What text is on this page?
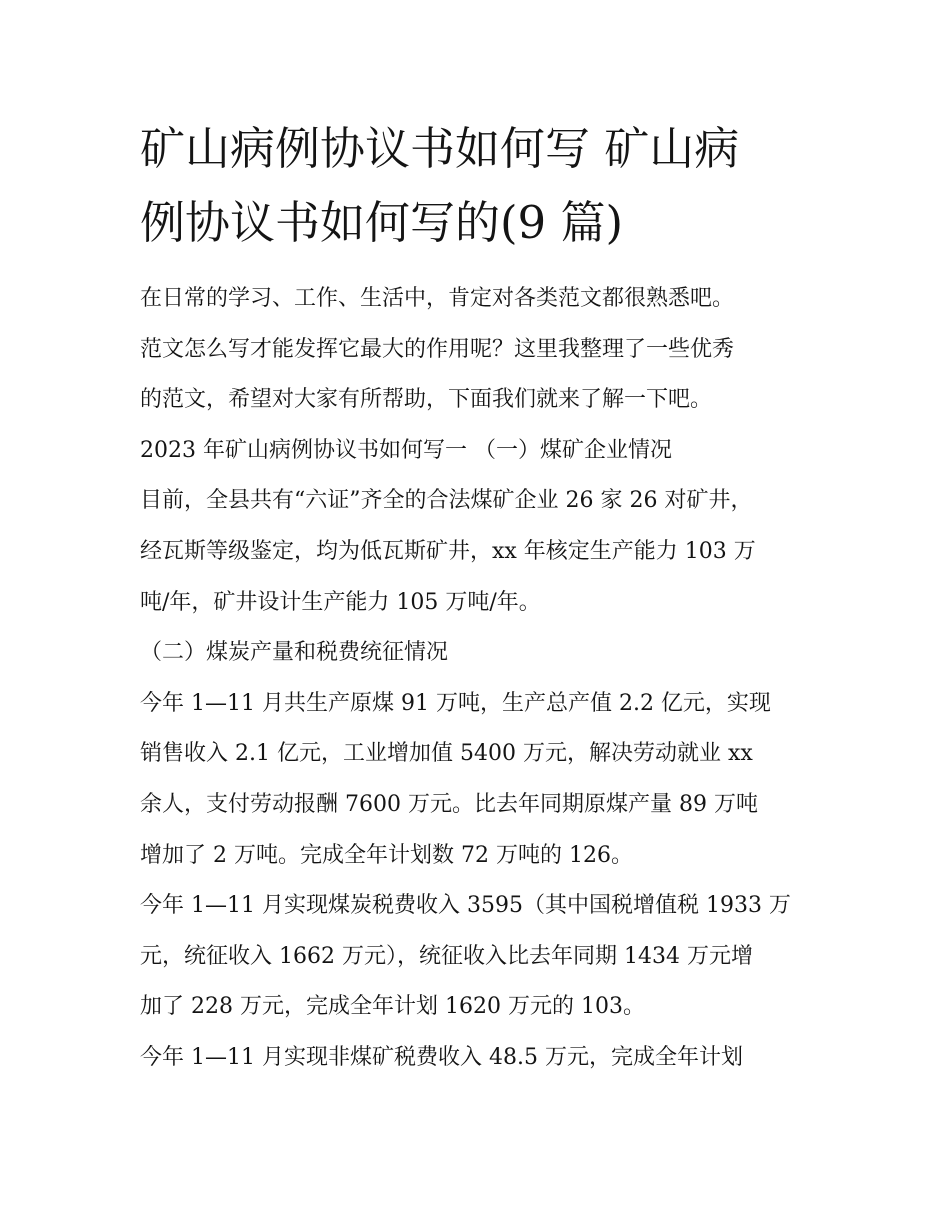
矿山病例协议书如何写 矿山病
例协议书如何写的(9 篇)
在日常的学习、工作、生活中，肯定对各类范文都很熟悉吧。
范文怎么写才能发挥它最大的作用呢？这里我整理了一些优秀
的范文，希望对大家有所帮助，下面我们就来了解一下吧。
2023 年矿山病例协议书如何写一 （一）煤矿企业情况
目前，全县共有“六证”齐全的合法煤矿企业 26 家 26 对矿井，
经瓦斯等级鉴定，均为低瓦斯矿井，xx 年核定生产能力 103 万
吨/年，矿井设计生产能力 105 万吨/年。
（二）煤炭产量和税费统征情况
今年 1—11 月共生产原煤 91 万吨，生产总产值 2.2 亿元，实现
销售收入 2.1 亿元，工业增加值 5400 万元，解决劳动就业 xx
余人，支付劳动报酬 7600 万元。比去年同期原煤产量 89 万吨
增加了 2 万吨。完成全年计划数 72 万吨的 126。
今年 1—11 月实现煤炭税费收入 3595（其中国税增值税 1933 万
元，统征收入 1662 万元），统征收入比去年同期 1434 万元增
加了 228 万元，完成全年计划 1620 万元的 103。
今年 1—11 月实现非煤矿税费收入 48.5 万元，完成全年计划
